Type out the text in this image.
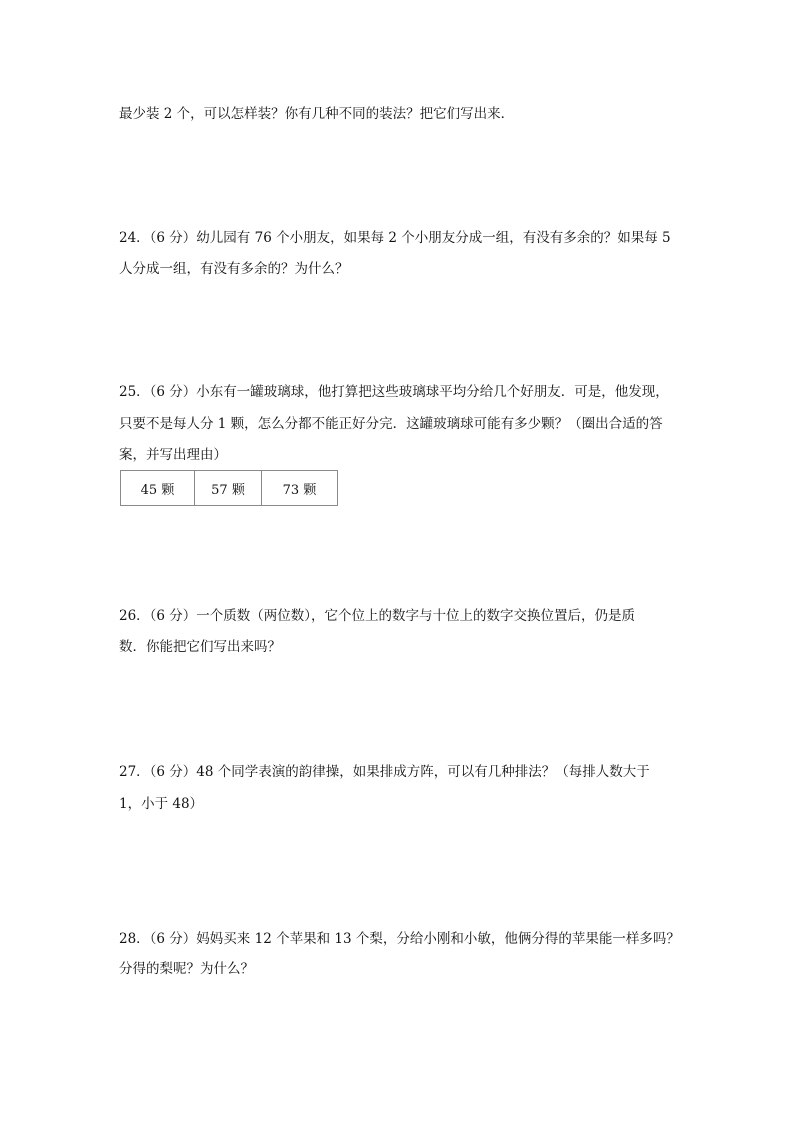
最少装 2 个，可以怎样装？你有几种不同的装法？把它们写出来．
24．（6 分）幼儿园有 76 个小朋友，如果每 2 个小朋友分成一组，有没有多余的？如果每 5
人分成一组，有没有多余的？为什么？
25．（6 分）小东有一罐玻璃球，他打算把这些玻璃球平均分给几个好朋友．可是，他发现，
只要不是每人分 1 颗，怎么分都不能正好分完．这罐玻璃球可能有多少颗？（圈出合适的答
案，并写出理由）
45 颗	57 颗	73 颗
26．（6 分）一个质数（两位数），它个位上的数字与十位上的数字交换位置后，仍是质
数．你能把它们写出来吗？
27．（6 分）48 个同学表演的韵律操，如果排成方阵，可以有几种排法？（每排人数大于
1，小于 48）
28．（6 分）妈妈买来 12 个苹果和 13 个梨，分给小刚和小敏，他俩分得的苹果能一样多吗？
分得的梨呢？为什么？
